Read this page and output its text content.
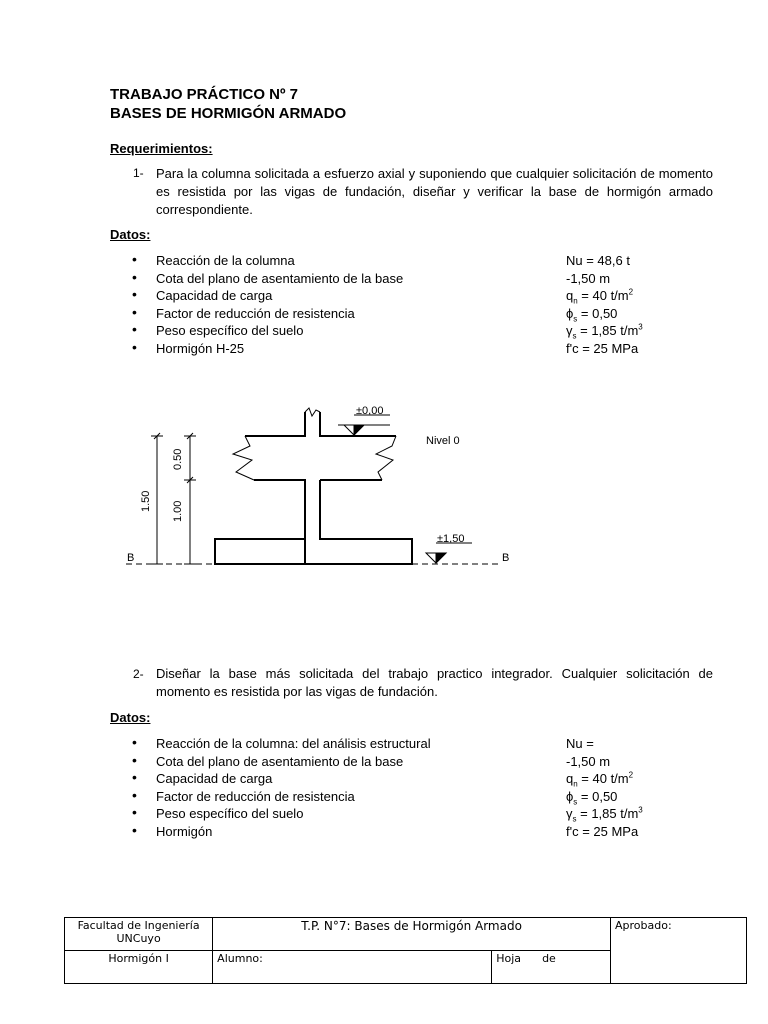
TRABAJO PRÁCTICO Nº 7
BASES DE HORMIGÓN ARMADO
Requerimientos:
1- Para la columna solicitada a esfuerzo axial y suponiendo que cualquier solicitación de momento es resistida por las vigas de fundación, diseñar y verificar la base de hormigón armado correspondiente.
Datos:
• Reacción de la columna	Nu = 48,6 t
• Cota del plano de asentamiento de la base	-1,50 m
• Capacidad de carga	$q_n = 40$ $t/m^2$
• Factor de reducción de resistencia	$\phi_s = 0,50$
• Peso específico del suelo	$\gamma_s = 1,85$ $t/m^3$
• Hormigón H-25	f'c = 25 MPa
±0,00
Nivel 0
±1,50
B	B
1.50
0.50
1.00
2- Diseñar la base más solicitada del trabajo practico integrador. Cualquier solicitación de momento es resistida por las vigas de fundación.
Datos:
• Reacción de la columna: del análisis estructural	Nu =
• Cota del plano de asentamiento de la base	-1,50 m
• Capacidad de carga	$q_n = 40$ $t/m^2$
• Factor de reducción de resistencia	$\phi_s = 0,50$
• Peso específico del suelo	$\gamma_s = 1,85$ $t/m^3$
• Hormigón	f'c = 25 MPa
Facultad de Ingeniería UNCuyo	T.P. N°7: Bases de Hormigón Armado		Aprobado:
Hormigón I	Alumno:	Hoja de	
